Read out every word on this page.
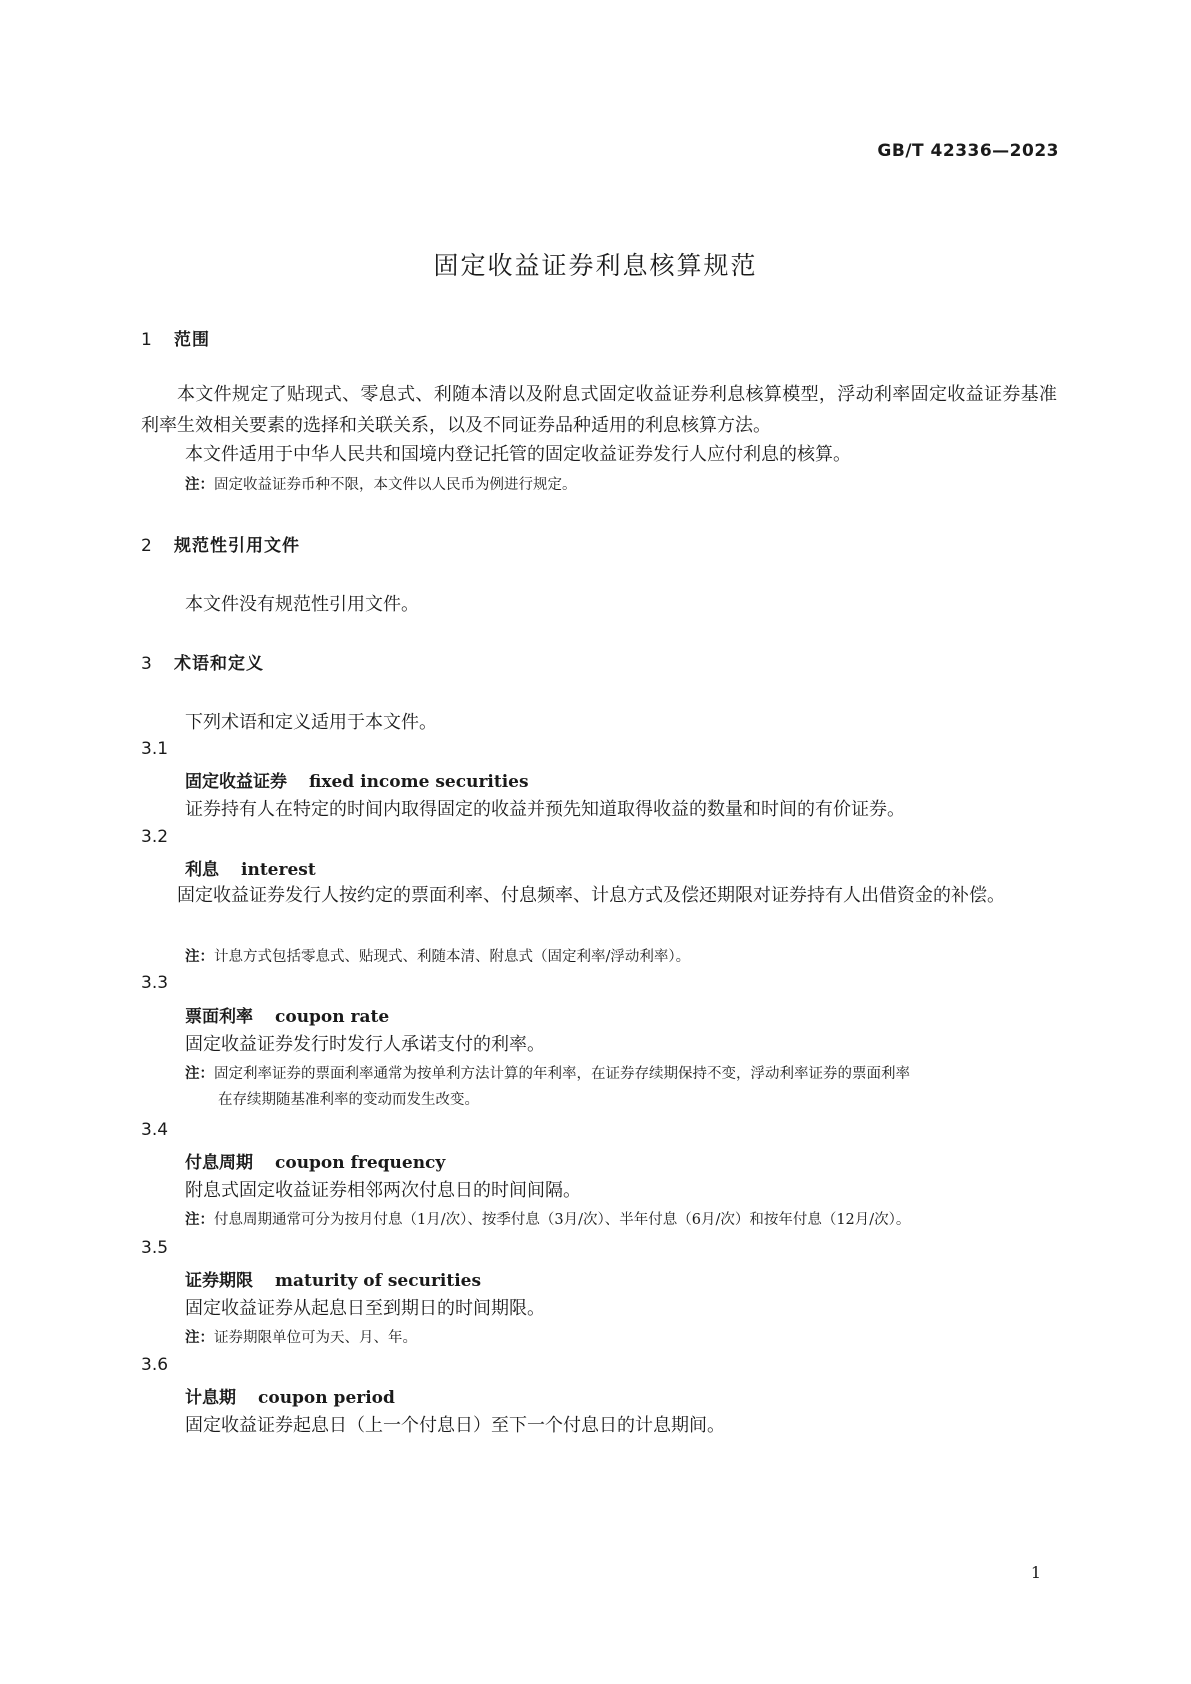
GB/T 42336—2023
固定收益证券利息核算规范
1 范围
本文件规定了贴现式、零息式、利随本清以及附息式固定收益证券利息核算模型，浮动利率固定收益证券基准利率生效相关要素的选择和关联关系，以及不同证券品种适用的利息核算方法。
本文件适用于中华人民共和国境内登记托管的固定收益证券发行人应付利息的核算。
注：固定收益证券币种不限，本文件以人民币为例进行规定。
2 规范性引用文件
本文件没有规范性引用文件。
3 术语和定义
下列术语和定义适用于本文件。
3.1
固定收益证券 fixed income securities
证券持有人在特定的时间内取得固定的收益并预先知道取得收益的数量和时间的有价证券。
3.2
利息 interest
固定收益证券发行人按约定的票面利率、付息频率、计息方式及偿还期限对证券持有人出借资金的补偿。
注：计息方式包括零息式、贴现式、利随本清、附息式（固定利率/浮动利率）。
3.3
票面利率 coupon rate
固定收益证券发行时发行人承诺支付的利率。
注：固定利率证券的票面利率通常为按单利方法计算的年利率，在证券存续期保持不变，浮动利率证券的票面利率
在存续期随基准利率的变动而发生改变。
3.4
付息周期 coupon frequency
附息式固定收益证券相邻两次付息日的时间间隔。
注：付息周期通常可分为按月付息（1月/次）、按季付息（3月/次）、半年付息（6月/次）和按年付息（12月/次）。
3.5
证券期限 maturity of securities
固定收益证券从起息日至到期日的时间期限。
注：证券期限单位可为天、月、年。
3.6
计息期 coupon period
固定收益证券起息日（上一个付息日）至下一个付息日的计息期间。
1
